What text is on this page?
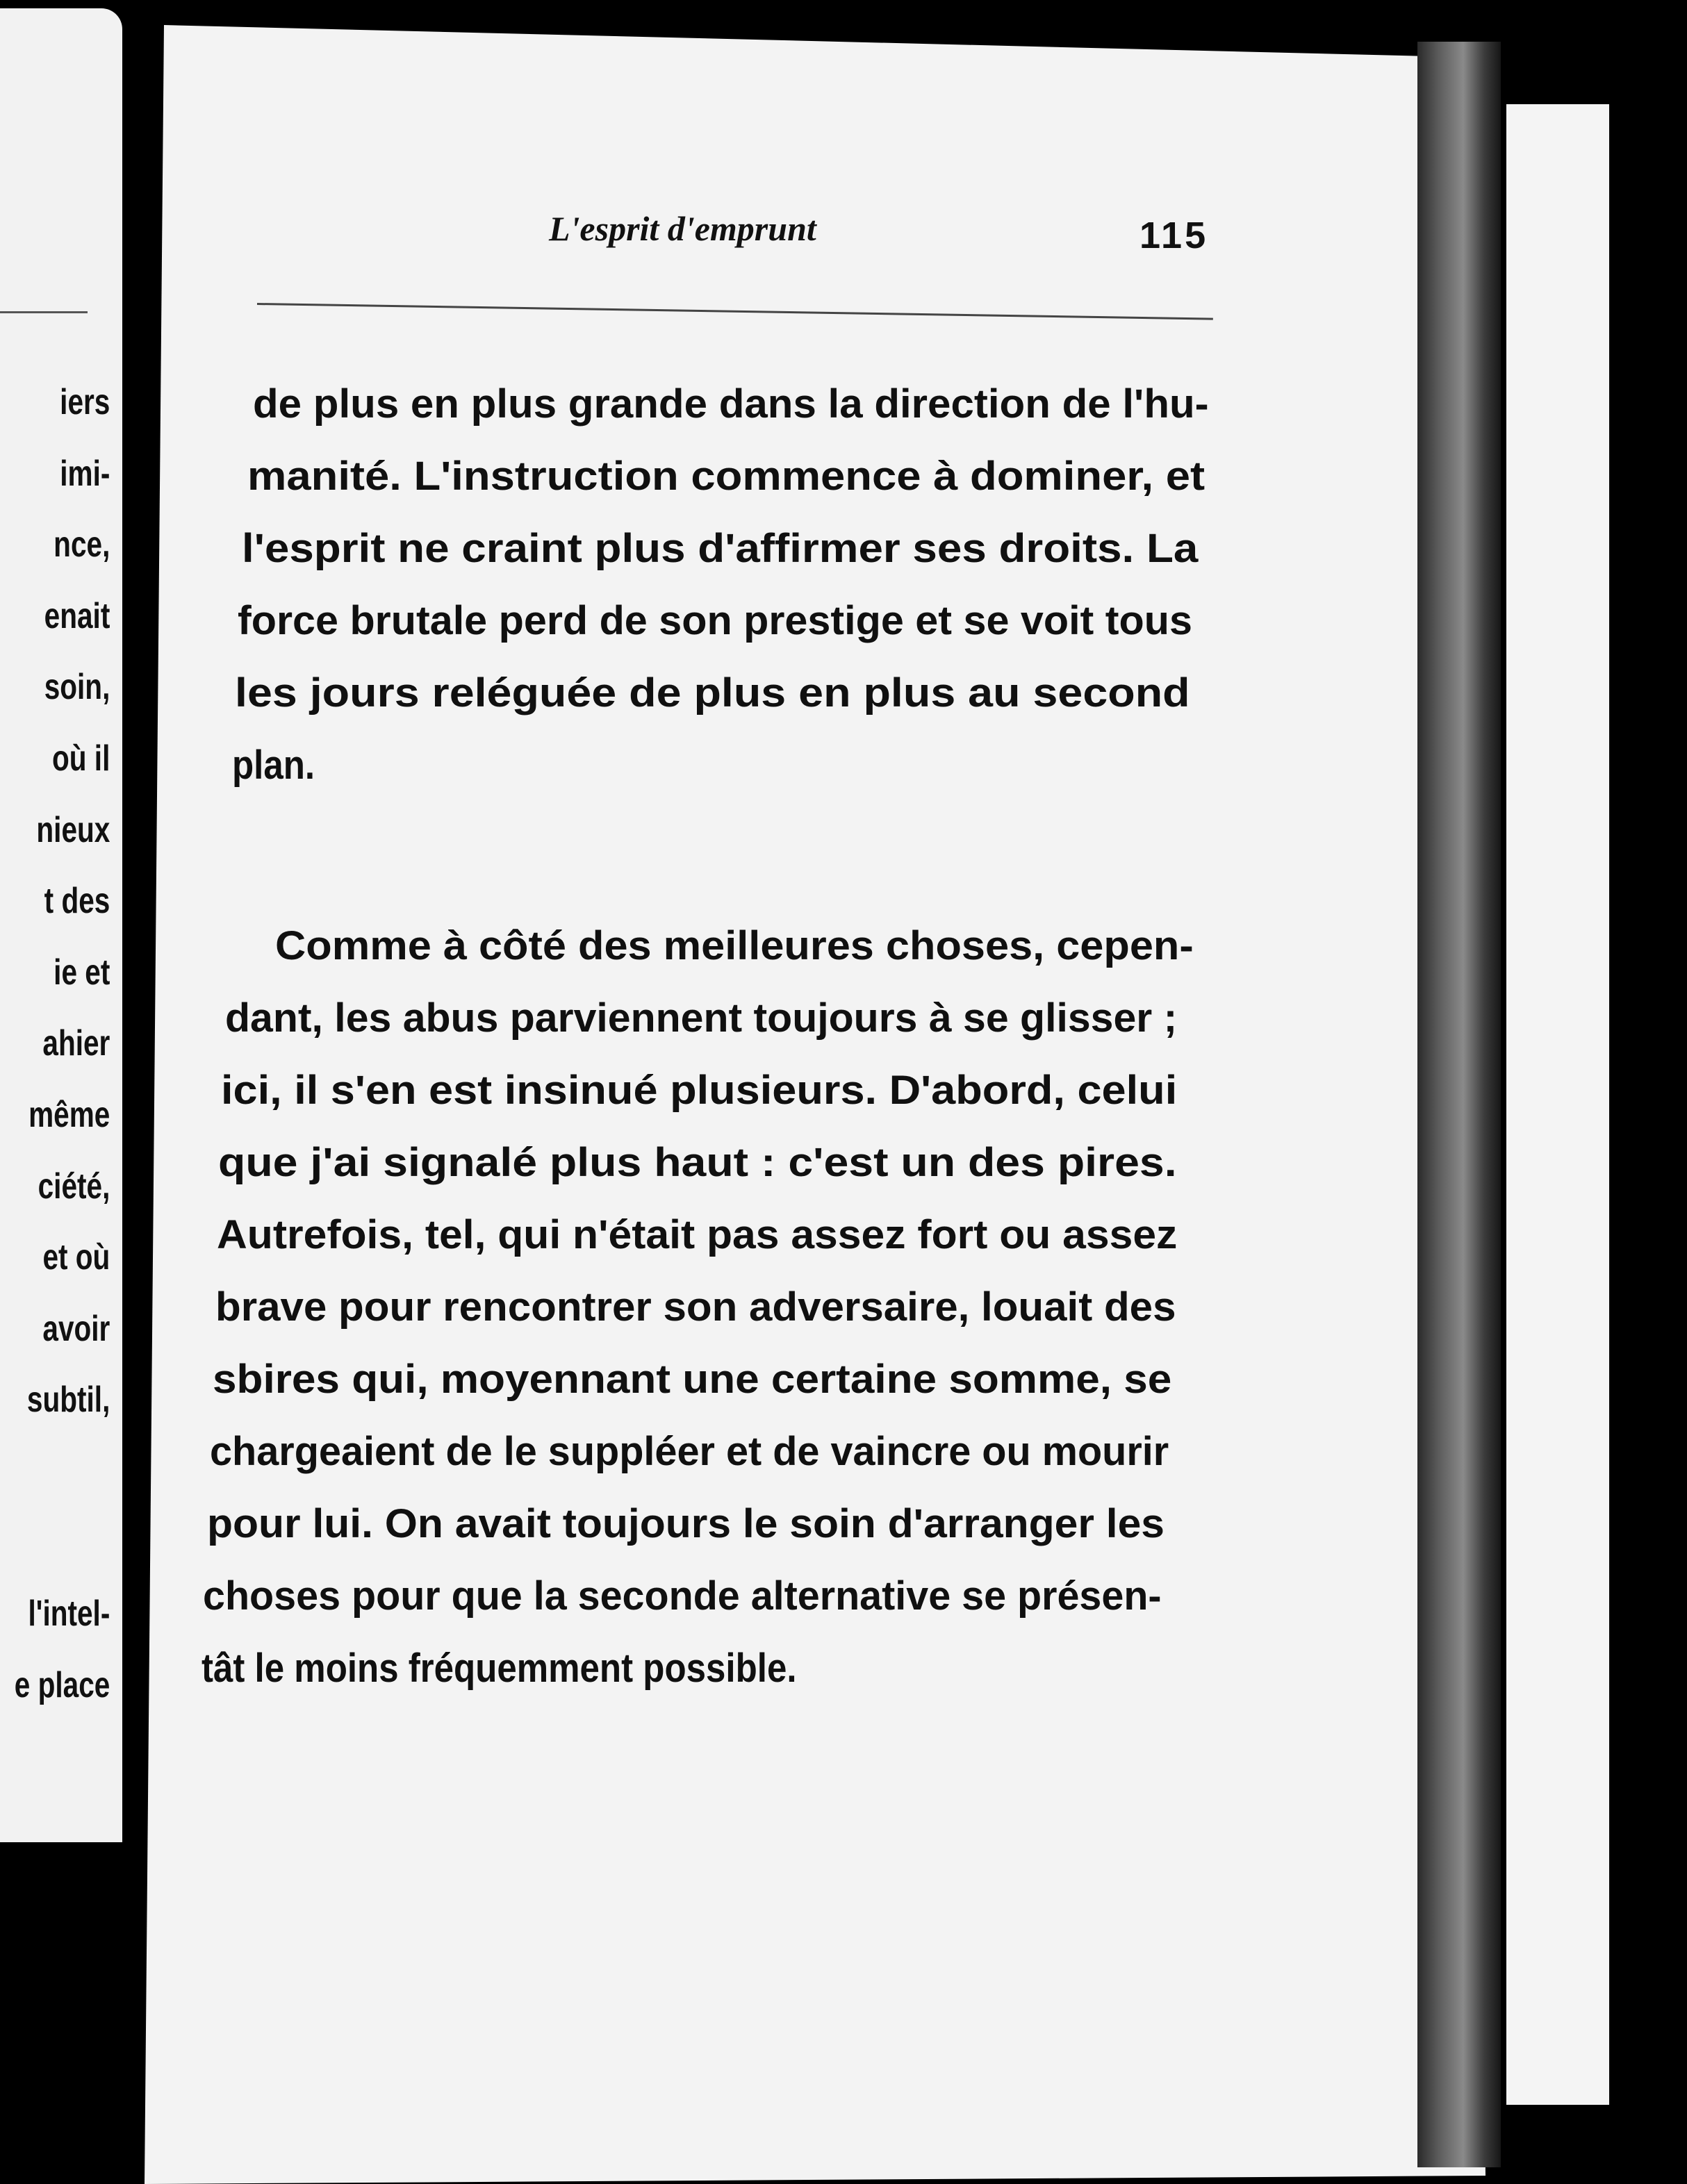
iers
imi-
nce,
enait
soin,
où il
nieux
t des
ie et
ahier
même
ciété,
et où
avoir
subtil,
l'intel-
e place
L'esprit d'emprunt	115
de plus en plus grande dans la direction de l'hu-
manité. L'instruction commence à dominer, et
l'esprit ne craint plus d'affirmer ses droits. La
force brutale perd de son prestige et se voit tous
les jours reléguée de plus en plus au second
plan.
Comme à côté des meilleures choses, cepen-
dant, les abus parviennent toujours à se glisser ;
ici, il s'en est insinué plusieurs. D'abord, celui
que j'ai signalé plus haut : c'est un des pires.
Autrefois, tel, qui n'était pas assez fort ou assez
brave pour rencontrer son adversaire, louait des
sbires qui, moyennant une certaine somme, se
chargeaient de le suppléer et de vaincre ou mourir
pour lui. On avait toujours le soin d'arranger les
choses pour que la seconde alternative se présen-
tât le moins fréquemment possible.
